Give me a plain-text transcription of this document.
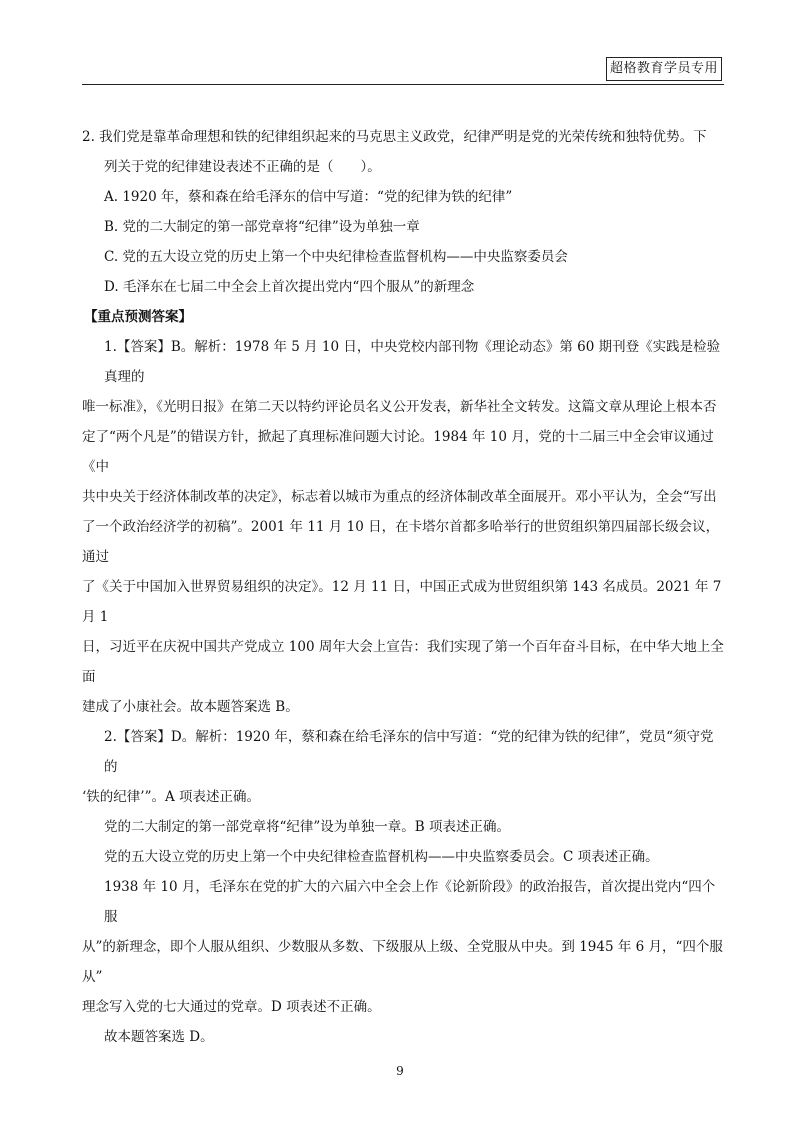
超格教育学员专用

2. 我们党是靠革命理想和铁的纪律组织起来的马克思主义政党，纪律严明是党的光荣传统和独特优势。下

列关于党的纪律建设表述不正确的是（　　）。

A. 1920 年，蔡和森在给毛泽东的信中写道：“党的纪律为铁的纪律”

B. 党的二大制定的第一部党章将“纪律”设为单独一章

C. 党的五大设立党的历史上第一个中央纪律检查监督机构——中央监察委员会

D. 毛泽东在七届二中全会上首次提出党内“四个服从”的新理念

【重点预测答案】

1.【答案】B。解析：1978 年 5 月 10 日，中央党校内部刊物《理论动态》第 60 期刊登《实践是检验真理的

唯一标准》，《光明日报》在第二天以特约评论员名义公开发表，新华社全文转发。这篇文章从理论上根本否

定了“两个凡是”的错误方针，掀起了真理标准问题大讨论。1984 年 10 月，党的十二届三中全会审议通过《中

共中央关于经济体制改革的决定》，标志着以城市为重点的经济体制改革全面展开。邓小平认为，全会“写出

了一个政治经济学的初稿”。2001 年 11 月 10 日，在卡塔尔首都多哈举行的世贸组织第四届部长级会议，通过

了《关于中国加入世界贸易组织的决定》。12 月 11 日，中国正式成为世贸组织第 143 名成员。2021 年 7 月 1

日，习近平在庆祝中国共产党成立 100 周年大会上宣告：我们实现了第一个百年奋斗目标，在中华大地上全面

建成了小康社会。故本题答案选 B。

2.【答案】D。解析：1920 年，蔡和森在给毛泽东的信中写道：“党的纪律为铁的纪律”，党员“须守党的

‘铁的纪律’”。A 项表述正确。

党的二大制定的第一部党章将“纪律”设为单独一章。B 项表述正确。

党的五大设立党的历史上第一个中央纪律检查监督机构——中央监察委员会。C 项表述正确。

1938 年 10 月，毛泽东在党的扩大的六届六中全会上作《论新阶段》的政治报告，首次提出党内“四个服

从”的新理念，即个人服从组织、少数服从多数、下级服从上级、全党服从中央。到 1945 年 6 月，“四个服从”

理念写入党的七大通过的党章。D 项表述不正确。

故本题答案选 D。

9
